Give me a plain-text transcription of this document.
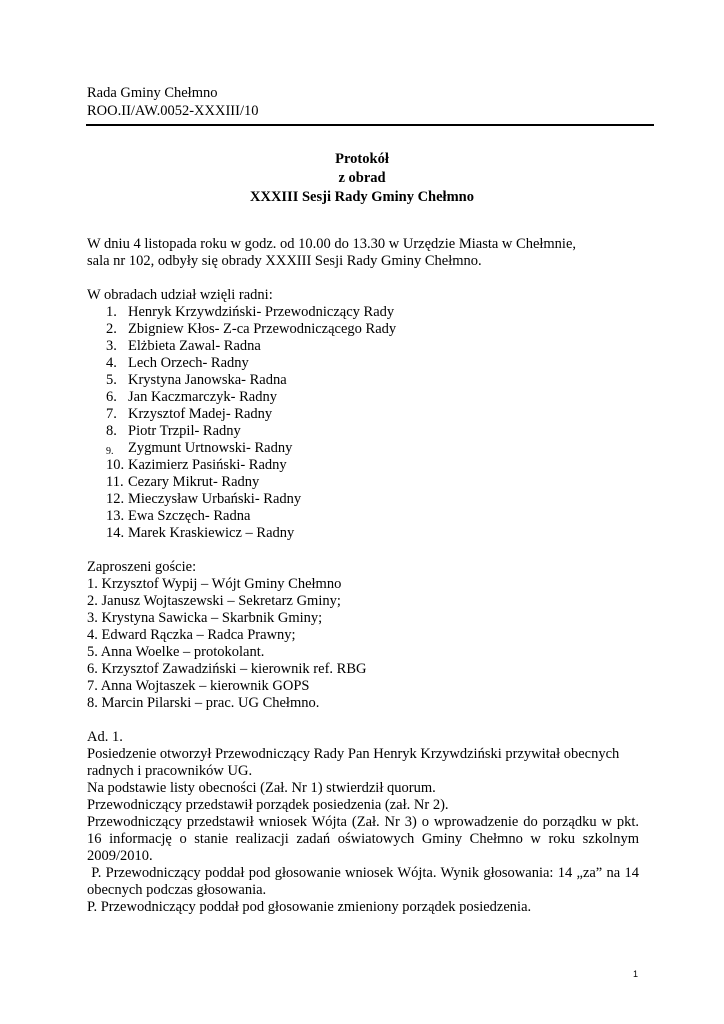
Rada Gminy Chełmno
ROO.II/AW.0052-XXXIII/10
Protokół
z obrad
XXXIII Sesji Rady Gminy Chełmno

W dniu 4 listopada roku w godz. od 10.00 do 13.30 w Urzędzie Miasta w Chełmnie,

sala nr 102, odbyły się obrady XXXIII Sesji Rady Gminy Chełmno.

W obradach udział wzięli radni:

1. Henryk Krzywdziński- Przewodniczący Rady
2. Zbigniew Kłos- Z-ca Przewodniczącego Rady
3. Elżbieta Zawal- Radna
4. Lech Orzech- Radny
5. Krystyna Janowska- Radna
6. Jan Kaczmarczyk- Radny
7. Krzysztof Madej- Radny
8. Piotr Trzpil- Radny
9.	Zygmunt Urtnowski- Radny
10. Kazimierz Pasiński- Radny
11. Cezary Mikrut- Radny
12. Mieczysław Urbański- Radny
13. Ewa Szczęch- Radna
14. Marek Kraskiewicz – Radny

Zaproszeni goście:

1. Krzysztof Wypij – Wójt Gminy Chełmno
2. Janusz Wojtaszewski – Sekretarz Gminy;
3. Krystyna Sawicka – Skarbnik Gminy;
4. Edward Rączka – Radca Prawny;
5. Anna Woelke – protokolant.
6. Krzysztof Zawadziński – kierownik ref. RBG
7. Anna Wojtaszek – kierownik GOPS
8. Marcin Pilarski – prac. UG Chełmno.

Ad. 1.

Posiedzenie otworzył Przewodniczący Rady Pan Henryk Krzywdziński przywitał obecnych

radnych i pracowników UG.

Na podstawie listy obecności (Zał. Nr 1) stwierdził quorum.

Przewodniczący przedstawił porządek posiedzenia (zał. Nr 2).

Przewodniczący przedstawił wniosek Wójta (Zał. Nr 3) o wprowadzenie do porządku w pkt. 16 informację o stanie realizacji zadań oświatowych Gminy Chełmno w roku szkolnym 2009/2010.

P. Przewodniczący poddał pod głosowanie wniosek Wójta. Wynik głosowania: 14 „za” na 14 obecnych podczas głosowania.

P. Przewodniczący poddał pod głosowanie zmieniony porządek posiedzenia.

1
